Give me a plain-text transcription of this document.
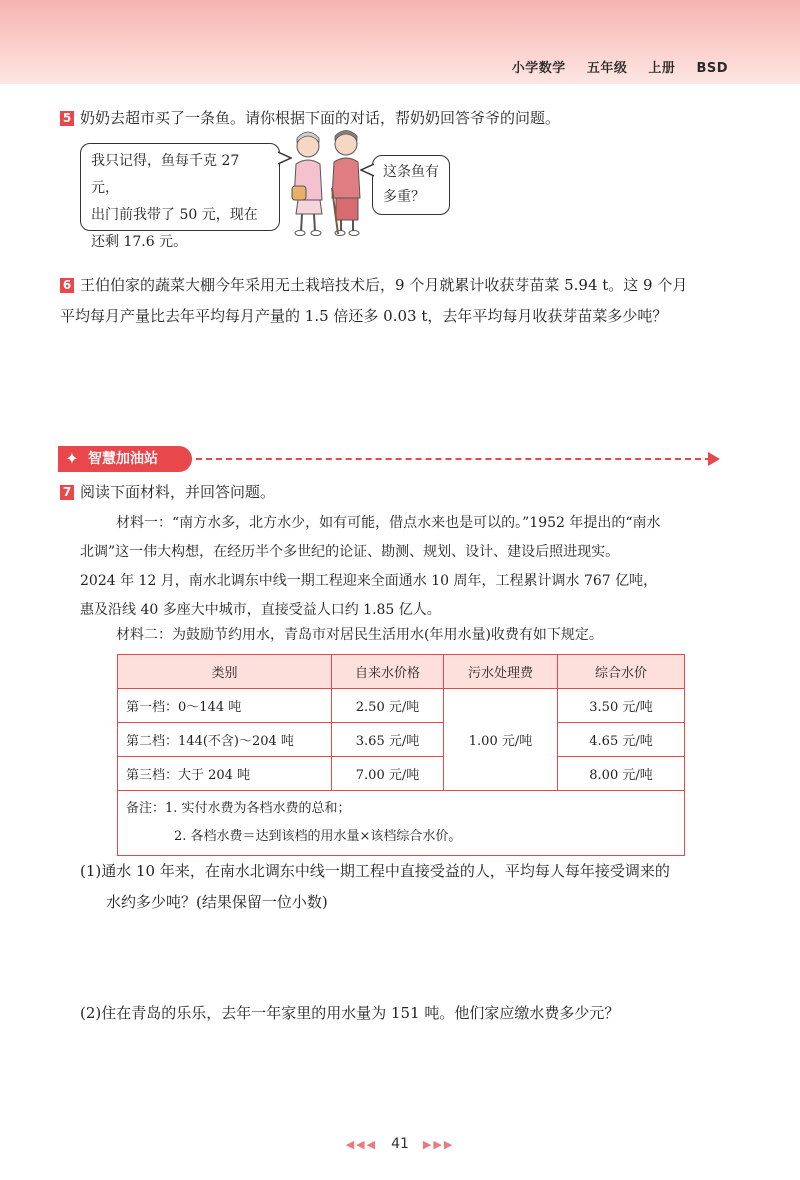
小学数学 五年级 上册 BSD
5 奶奶去超市买了一条鱼。请你根据下面的对话，帮奶奶回答爷爷的问题。
我只记得，鱼每千克 27 元，
出门前我带了 50 元，现在
还剩 17.6 元。
这条鱼有
多重？
6 王伯伯家的蔬菜大棚今年采用无土栽培技术后，9 个月就累计收获芽苗菜 5.94 t。这 9 个月
平均每月产量比去年平均每月产量的 1.5 倍还多 0.03 t，去年平均每月收获芽苗菜多少吨？
✦ 智慧加油站
7 阅读下面材料，并回答问题。
材料一：“南方水多，北方水少，如有可能，借点水来也是可以的。”1952 年提出的“南水
北调”这一伟大构想，在经历半个多世纪的论证、勘测、规划、设计、建设后照进现实。
2024 年 12 月，南水北调东中线一期工程迎来全面通水 10 周年，工程累计调水 767 亿吨，
惠及沿线 40 多座大中城市，直接受益人口约 1.85 亿人。
材料二：为鼓励节约用水，青岛市对居民生活用水(年用水量)收费有如下规定。
类别	自来水价格	污水处理费	综合水价
第一档：0～144 吨	2.50 元/吨	1.00 元/吨	3.50 元/吨
第二档：144(不含)～204 吨	3.65 元/吨		4.65 元/吨
第三档：大于 204 吨	7.00 元/吨		8.00 元/吨

备注：1. 实付水费为各档水费的总和；
2. 各档水费＝达到该档的用水量×该档综合水价。			
(1)通水 10 年来，在南水北调东中线一期工程中直接受益的人，平均每人每年接受调来的
水约多少吨？(结果保留一位小数)
(2)住在青岛的乐乐，去年一年家里的用水量为 151 吨。他们家应缴水费多少元？
◀◀◀ 41 ▶▶▶
